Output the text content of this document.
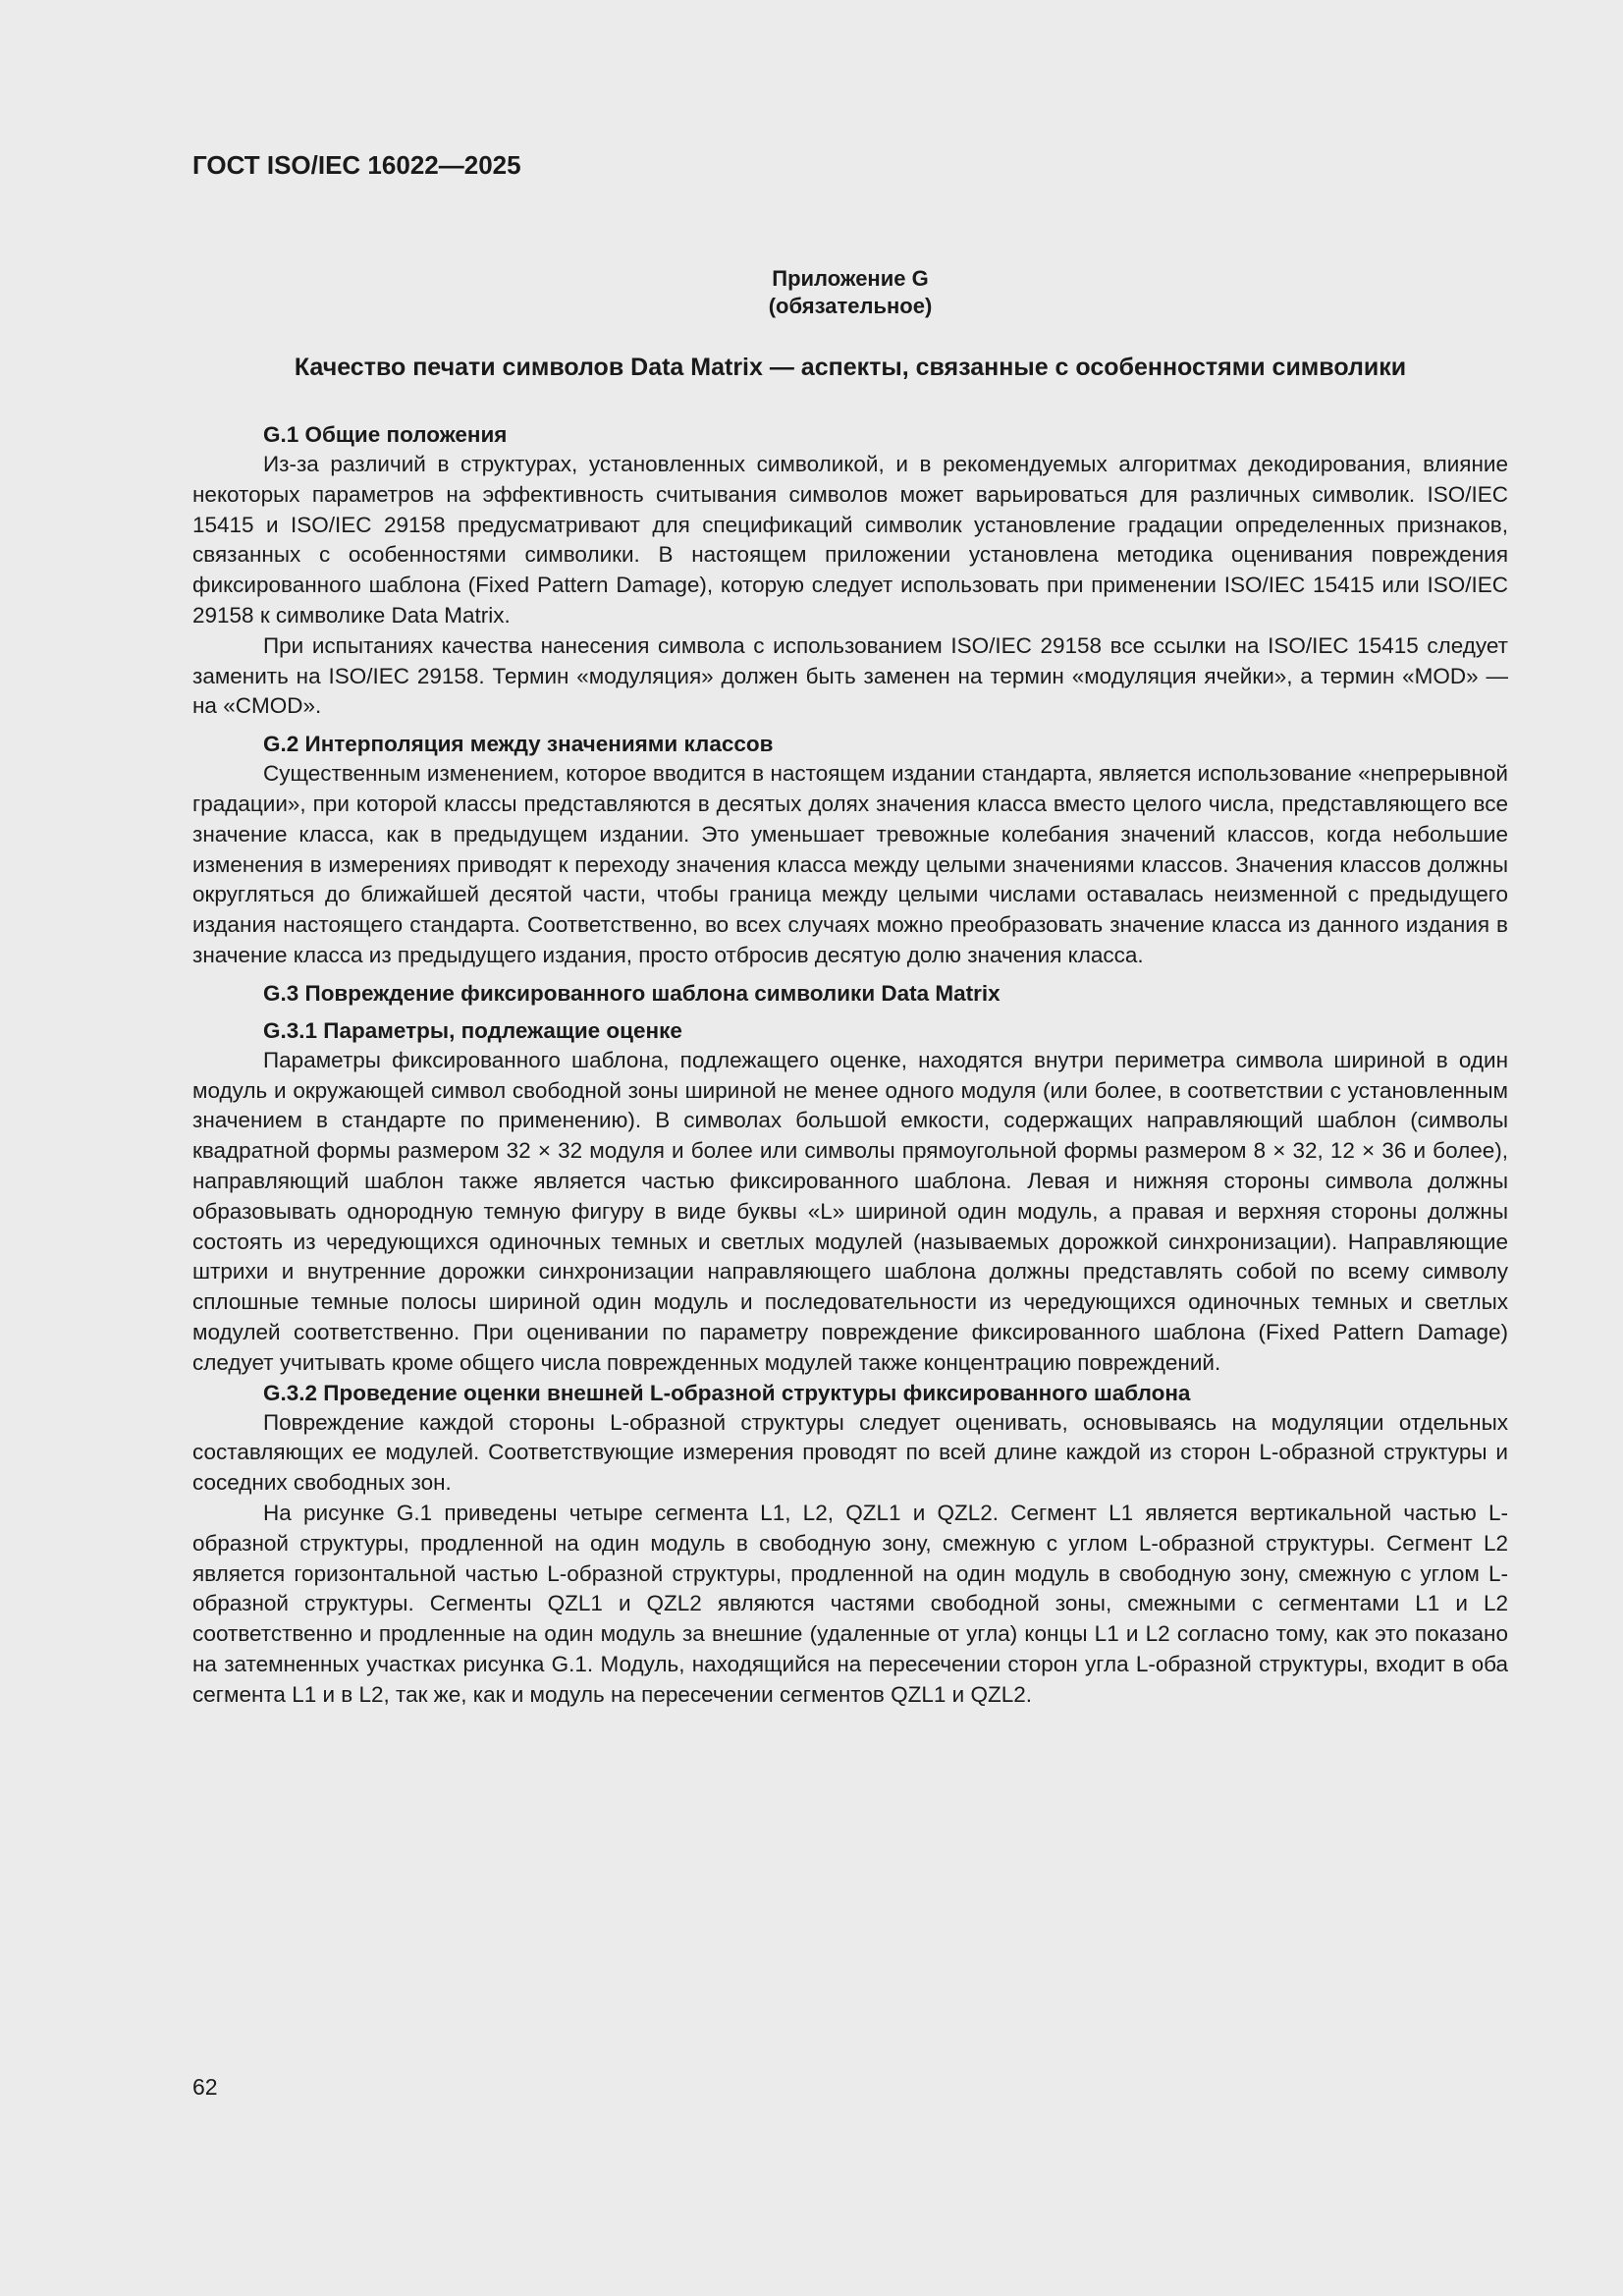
ГОСТ ISO/IEC 16022—2025
Приложение G
(обязательное)
Качество печати символов Data Matrix — аспекты, связанные с особенностями символики
G.1 Общие положения

Из-за различий в структурах, установленных символикой, и в рекомендуемых алгоритмах декодирования, влияние некоторых параметров на эффективность считывания символов может варьироваться для различных символик. ISO/IEC 15415 и ISO/IEC 29158 предусматривают для спецификаций символик установление градации определенных признаков, связанных с особенностями символики. В настоящем приложении установлена методика оценивания повреждения фиксированного шаблона (Fixed Pattern Damage), которую следует использовать при применении ISO/IEC 15415 или ISO/IEC 29158 к символике Data Matrix.

При испытаниях качества нанесения символа с использованием ISO/IEC 29158 все ссылки на ISO/IEC 15415 следует заменить на ISO/IEC 29158. Термин «модуляция» должен быть заменен на термин «модуляция ячейки», а термин «MOD» — на «CMOD».

G.2 Интерполяция между значениями классов

Существенным изменением, которое вводится в настоящем издании стандарта, является использование «непрерывной градации», при которой классы представляются в десятых долях значения класса вместо целого числа, представляющего все значение класса, как в предыдущем издании. Это уменьшает тревожные колебания значений классов, когда небольшие изменения в измерениях приводят к переходу значения класса между целыми значениями классов. Значения классов должны округляться до ближайшей десятой части, чтобы граница между целыми числами оставалась неизменной с предыдущего издания настоящего стандарта. Соответственно, во всех случаях можно преобразовать значение класса из данного издания в значение класса из предыдущего издания, просто отбросив десятую долю значения класса.

G.3 Повреждение фиксированного шаблона символики Data Matrix
G.3.1 Параметры, подлежащие оценке

Параметры фиксированного шаблона, подлежащего оценке, находятся внутри периметра символа шириной в один модуль и окружающей символ свободной зоны шириной не менее одного модуля (или более, в соответствии с установленным значением в стандарте по применению). В символах большой емкости, содержащих направляющий шаблон (символы квадратной формы размером 32 × 32 модуля и более или символы прямоугольной формы размером 8 × 32, 12 × 36 и более), направляющий шаблон также является частью фиксированного шаблона. Левая и нижняя стороны символа должны образовывать однородную темную фигуру в виде буквы «L» шириной один модуль, а правая и верхняя стороны должны состоять из чередующихся одиночных темных и светлых модулей (называемых дорожкой синхронизации). Направляющие штрихи и внутренние дорожки синхронизации направляющего шаблона должны представлять собой по всему символу сплошные темные полосы шириной один модуль и последовательности из чередующихся одиночных темных и светлых модулей соответственно. При оценивании по параметру повреждение фиксированного шаблона (Fixed Pattern Damage) следует учитывать кроме общего числа поврежденных модулей также концентрацию повреждений.

G.3.2 Проведение оценки внешней L-образной структуры фиксированного шаблона

Повреждение каждой стороны L-образной структуры следует оценивать, основываясь на модуляции отдельных составляющих ее модулей. Соответствующие измерения проводят по всей длине каждой из сторон L-образной структуры и соседних свободных зон.

На рисунке G.1 приведены четыре сегмента L1, L2, QZL1 и QZL2. Сегмент L1 является вертикальной частью L-образной структуры, продленной на один модуль в свободную зону, смежную с углом L-образной структуры. Сегмент L2 является горизонтальной частью L-образной структуры, продленной на один модуль в свободную зону, смежную с углом L-образной структуры. Сегменты QZL1 и QZL2 являются частями свободной зоны, смежными с сегментами L1 и L2 соответственно и продленные на один модуль за внешние (удаленные от угла) концы L1 и L2 согласно тому, как это показано на затемненных участках рисунка G.1. Модуль, находящийся на пересечении сторон угла L-образной структуры, входит в оба сегмента L1 и в L2, так же, как и модуль на пересечении сегментов QZL1 и QZL2.

62
